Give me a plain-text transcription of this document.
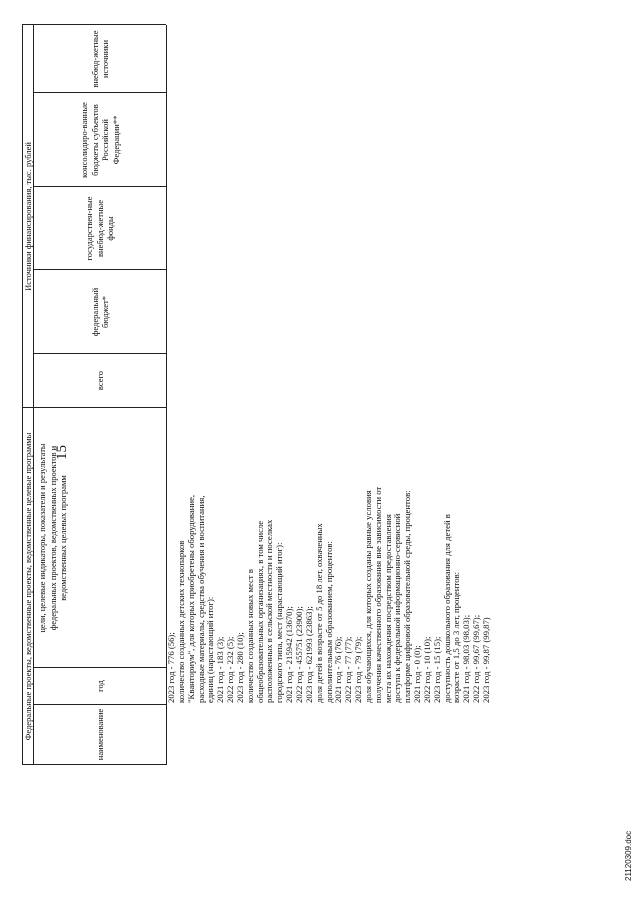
15
Федеральные проекты, ведомственные проекты, ведомственные целевые программы
Источники финансирования, тыс. рублей
наименование
год
цели, целевые индикаторы, показатели и результаты федеральных проектов, ведомственных проектов и ведомственных целевых программ
всего
федеральный бюджет*
государствен-ные внебюд-жетные фонды
консолидиро-ванные бюджеты субъектов Российской Федерации**
внебюд-жетные источники
2023 год - 776 (56); количество созданных детских технопарков "Кванториум", для которых приобретены оборудование, расходные материалы, средства обучения и воспитания, единиц (нарастающий итог): 2021 год - 183 (3); 2022 год - 232 (5); 2023 год - 280 (10); количество созданных новых мест в общеобразовательных организациях, в том числе расположенных в сельской местности и поселках городского типа, мест (нарастающий итог): 2021 год - 215942 (13670); 2022 год - 455751 (23900); 2023 год - 621993 (23863); доля детей в возрасте от 5 до 18 лет, охваченных дополнительным образованием, процентов: 2021 год - 76 (76); 2022 год - 77 (77); 2023 год - 79 (79); доля обучающихся, для которых созданы равные условия получения качественного образования вне зависимости от места их нахождения посредством предоставления доступа к федеральной информационно-сервисной платформе цифровой образовательной среды, процентов: 2021 год - 0 (0); 2022 год - 10 (10); 2023 год - 15 (15); доступность дошкольного образования для детей в возрасте от 1,5 до 3 лет, процентов: 2021 год - 98,03 (98,03); 2022 год - 99,67 (99,67); 2023 год - 99,87 (99,87)
21120309.doc
